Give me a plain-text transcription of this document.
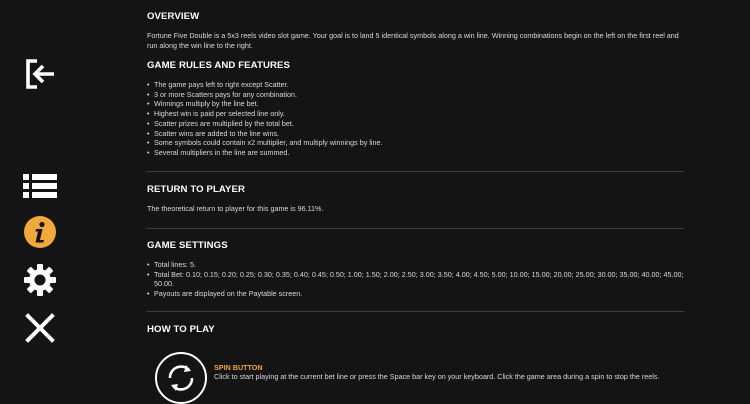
OVERVIEW
Fortune Five Double is a 5x3 reels video slot game. Your goal is to land 5 identical symbols along a win line. Winning combinations begin on the left on the first reel and run along the win line to the right.
GAME RULES AND FEATURES
• The game pays left to right except Scatter.
• 3 or more Scatters pays for any combination.
• Winnings multiply by the line bet.
• Highest win is paid per selected line only.
• Scatter prizes are multiplied by the total bet.
• Scatter wins are added to the line wins.
• Some symbols could contain x2 multiplier, and multiply winnings by line.
• Several multipliers in the line are summed.
RETURN TO PLAYER
The theoretical return to player for this game is 96.11%.
GAME SETTINGS
• Total lines: 5.
• Total Bet: 0.10; 0.15; 0.20; 0.25; 0.30; 0.35; 0.40; 0.45; 0.50; 1.00; 1.50; 2.00; 2.50; 3.00; 3.50; 4.00; 4.50; 5.00; 10.00; 15.00; 20.00; 25.00; 30.00; 35.00; 40.00; 45.00; 50.00.
• Payouts are displayed on the Paytable screen.
HOW TO PLAY
SPIN BUTTON
Click to start playing at the current bet line or press the Space bar key on your keyboard. Click the game area during a spin to stop the reels.
